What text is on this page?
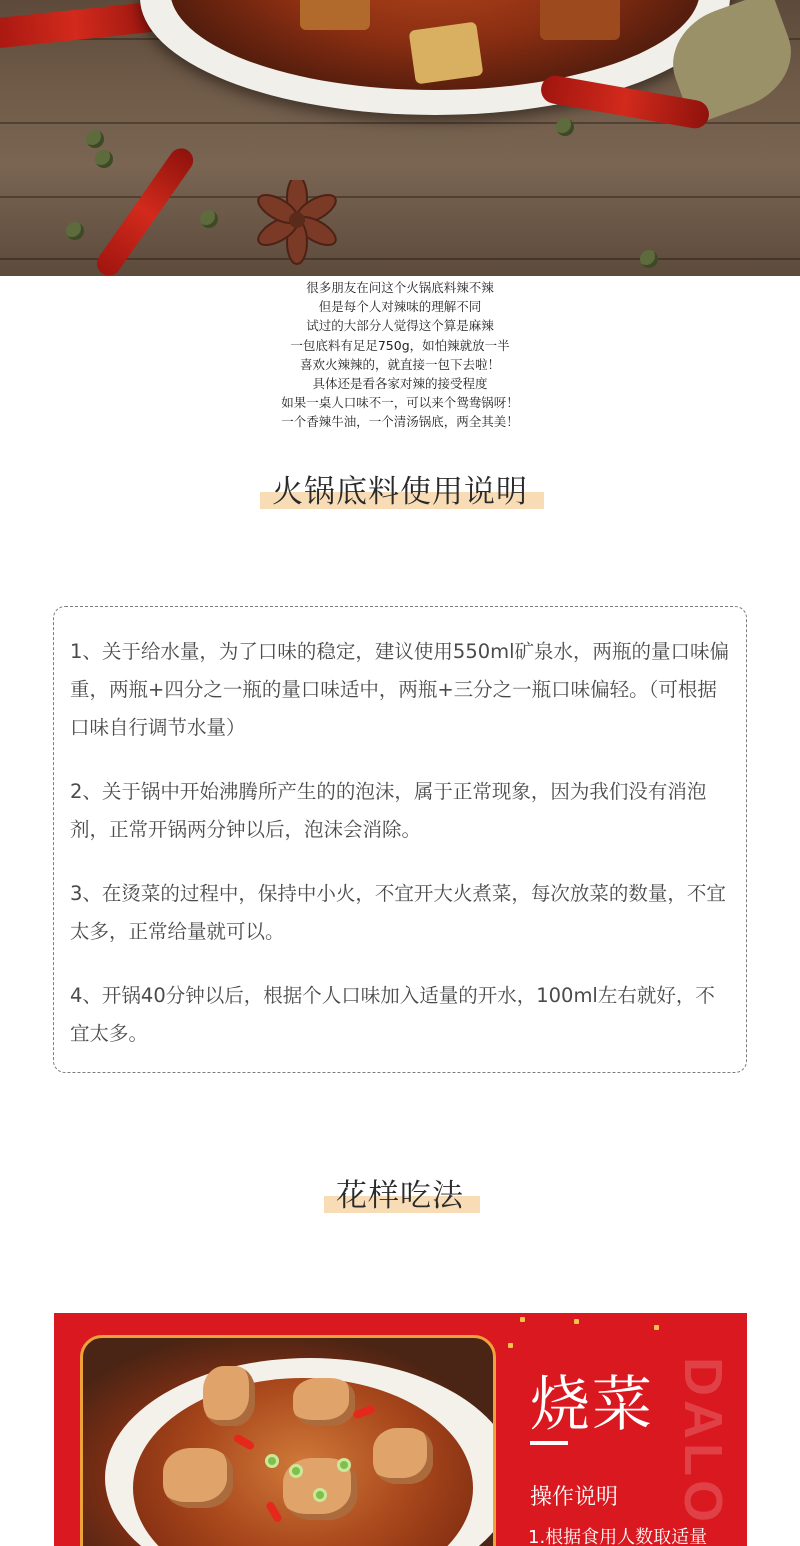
很多朋友在问这个火锅底料辣不辣

但是每个人对辣味的理解不同

试过的大部分人觉得这个算是麻辣

一包底料有足足750g，如怕辣就放一半

喜欢火辣辣的，就直接一包下去啦！

具体还是看各家对辣的接受程度

如果一桌人口味不一，可以来个鸳鸯锅呀！

一个香辣牛油，一个清汤锅底，两全其美！

火锅底料使用说明

1、关于给水量，为了口味的稳定，建议使用550ml矿泉水，两瓶的量口味偏重，两瓶+四分之一瓶的量口味适中，两瓶+三分之一瓶口味偏轻。（可根据口味自行调节水量）

2、关于锅中开始沸腾所产生的的泡沫，属于正常现象，因为我们没有消泡剂，正常开锅两分钟以后，泡沫会消除。

3、在烫菜的过程中，保持中小火，不宜开大火煮菜，每次放菜的数量，不宜太多，正常给量就可以。

4、开锅40分钟以后，根据个人口味加入适量的开水，100ml左右就好，不宜太多。

花样吃法
DALO
烧菜
操作说明
1.根据食用人数取适量
